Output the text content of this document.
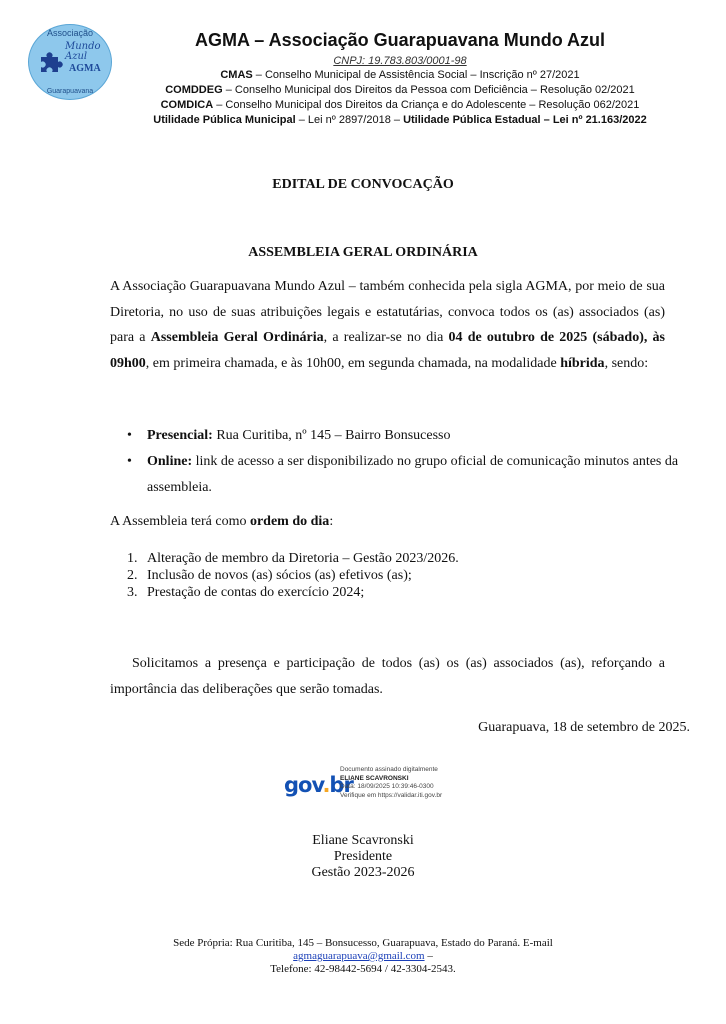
Associação
Mundo
Azul
AGMA
Guarapuavana
AGMA – Associação Guarapuavana Mundo Azul
CNPJ: 19.783.803/0001-98
CMAS – Conselho Municipal de Assistência Social – Inscrição nº 27/2021
COMDDEG – Conselho Municipal dos Direitos da Pessoa com Deficiência – Resolução 02/2021
COMDICA – Conselho Municipal dos Direitos da Criança e do Adolescente – Resolução 062/2021
Utilidade Pública Municipal – Lei nº 2897/2018 – Utilidade Pública Estadual – Lei nº 21.163/2022
EDITAL DE CONVOCAÇÃO
ASSEMBLEIA GERAL ORDINÁRIA
A Associação Guarapuavana Mundo Azul – também conhecida pela sigla AGMA, por meio de sua Diretoria, no uso de suas atribuições legais e estatutárias, convoca todos os (as) associados (as) para a Assembleia Geral Ordinária, a realizar-se no dia 04 de outubro de 2025 (sábado), às 09h00, em primeira chamada, e às 10h00, em segunda chamada, na modalidade híbrida, sendo:
• Presencial: Rua Curitiba, nº 145 – Bairro Bonsucesso
• Online: link de acesso a ser disponibilizado no grupo oficial de comunicação minutos antes da assembleia.
A Assembleia terá como ordem do dia:
1. Alteração de membro da Diretoria – Gestão 2023/2026.
2. Inclusão de novos (as) sócios (as) efetivos (as);
3. Prestação de contas do exercício 2024;
Solicitamos a presença e participação de todos (as) os (as) associados (as), reforçando a importância das deliberações que serão tomadas.
Guarapuava, 18 de setembro de 2025.
gov.br
Documento assinado digitalmente
ELIANE SCAVRONSKI
Data: 18/09/2025 10:39:46-0300
Verifique em https://validar.iti.gov.br
Eliane Scavronski
Presidente
Gestão 2023-2026
Sede Própria: Rua Curitiba, 145 – Bonsucesso, Guarapuava, Estado do Paraná. E-mail
agmaguarapuava@gmail.com –
Telefone: 42-98442-5694 / 42-3304-2543.
